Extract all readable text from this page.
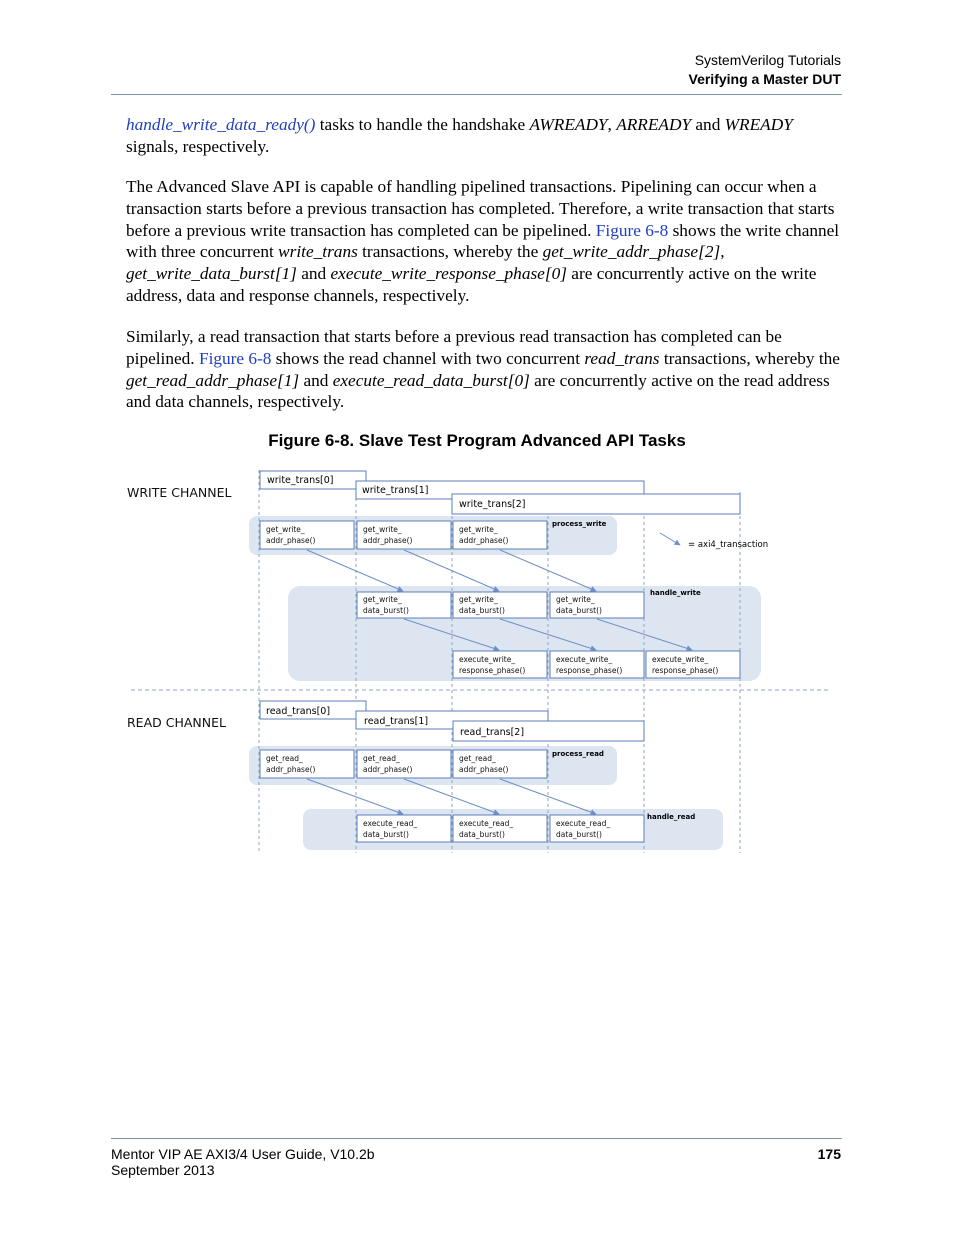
SystemVerilog Tutorials
Verifying a Master DUT

handle_write_data_ready() tasks to handle the handshake AWREADY, ARREADY and WREADY signals, respectively.

The Advanced Slave API is capable of handling pipelined transactions. Pipelining can occur when a transaction starts before a previous transaction has completed. Therefore, a write transaction that starts before a previous write transaction has completed can be pipelined. Figure 6-8 shows the write channel with three concurrent write_trans transactions, whereby the get_write_addr_phase[2], get_write_data_burst[1] and execute_write_response_phase[0] are concurrently active on the write address, data and response channels, respectively.

Similarly, a read transaction that starts before a previous read transaction has completed can be pipelined. Figure 6-8 shows the read channel with two concurrent read_trans transactions, whereby the get_read_addr_phase[1] and execute_read_data_burst[0] are concurrently active on the read address and data channels, respectively.

Figure 6-8. Slave Test Program Advanced API Tasks
WRITE CHANNEL
READ CHANNEL
write_trans[0]
write_trans[1]
write_trans[2]
get_write_
addr_phase()
get_write_
addr_phase()
get_write_
addr_phase()
process_write
= axi4_transaction
get_write_
data_burst()
get_write_
data_burst()
get_write_
data_burst()
handle_write
execute_write_
response_phase()
execute_write_
response_phase()
execute_write_
response_phase()
read_trans[0]
read_trans[1]
read_trans[2]
get_read_
addr_phase()
get_read_
addr_phase()
get_read_
addr_phase()
process_read
execute_read_
data_burst()
execute_read_
data_burst()
execute_read_
data_burst()
handle_read
Mentor VIP AE AXI3/4 User Guide, V10.2b
September 2013
175
